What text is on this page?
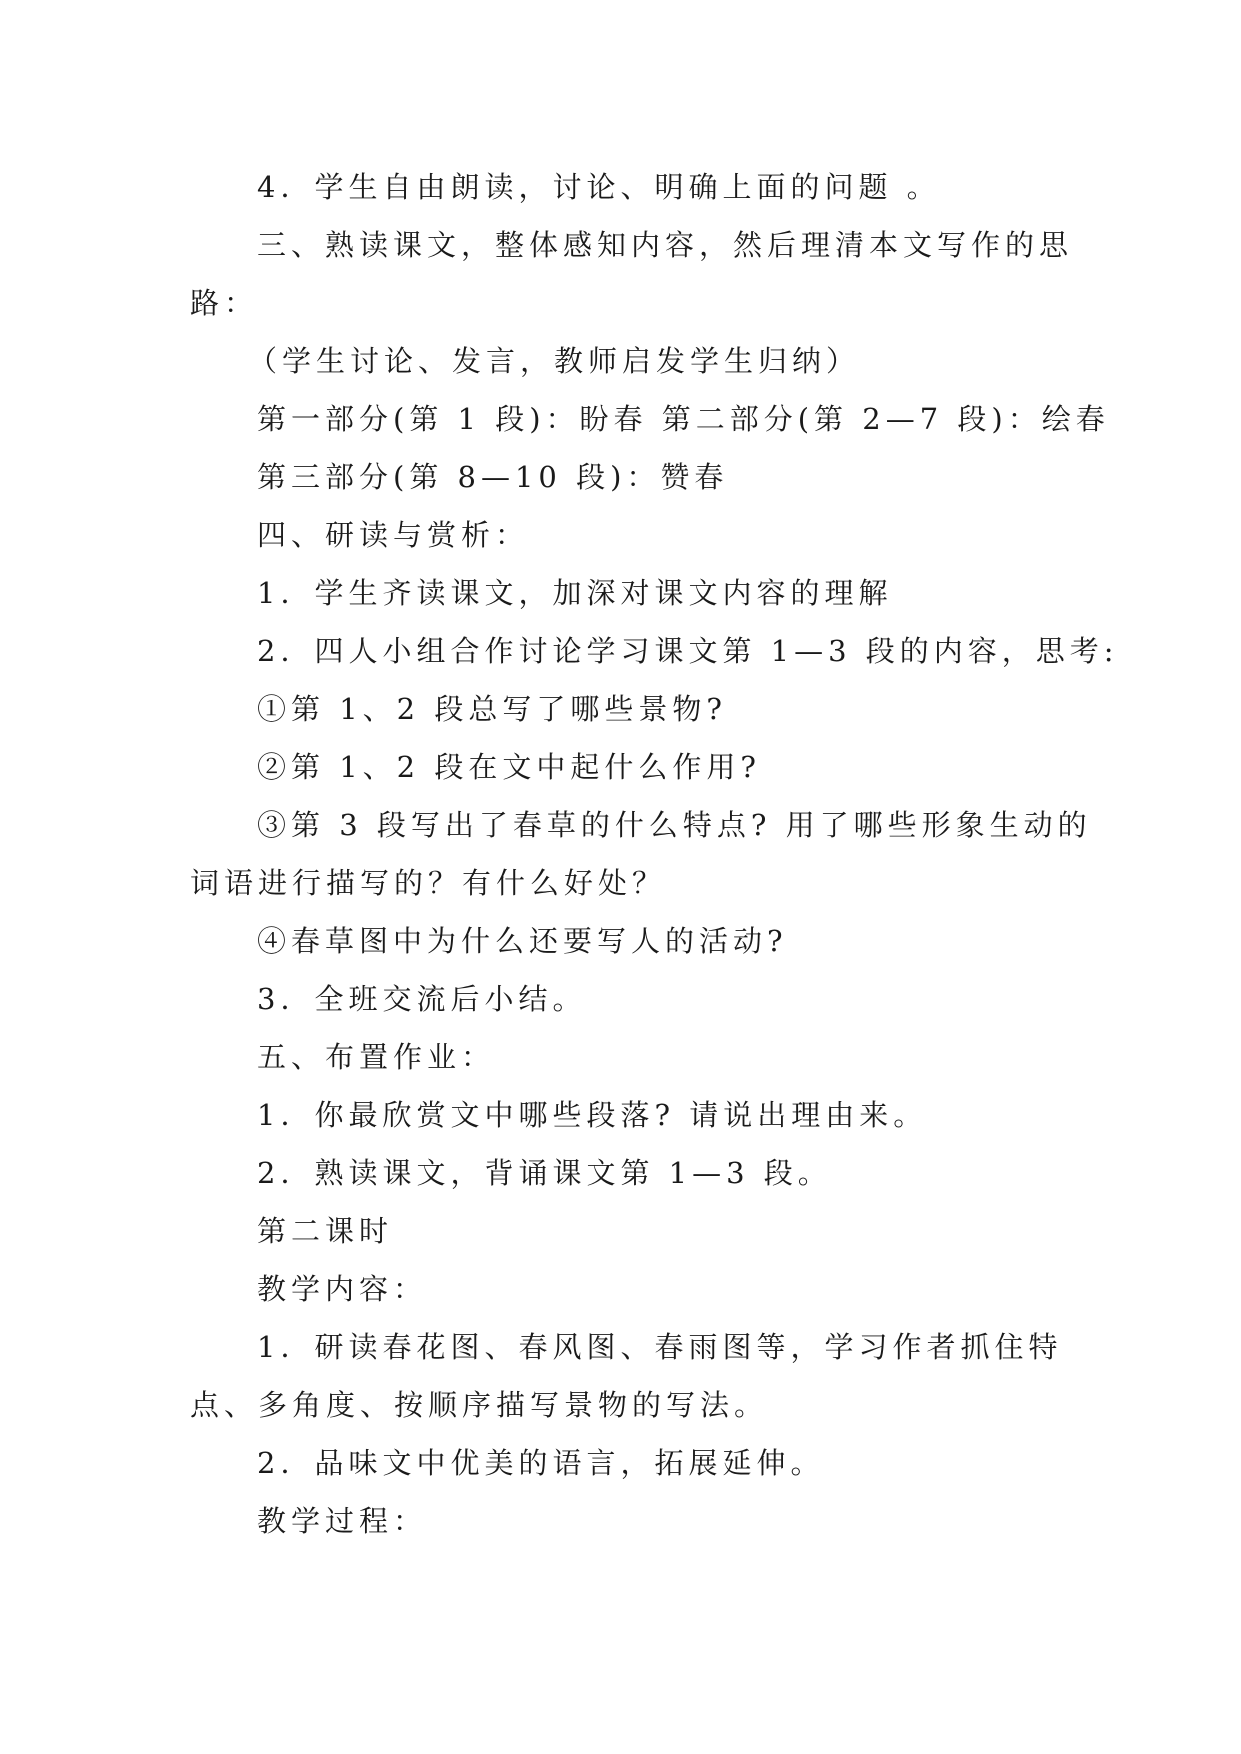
4．学生自由朗读，讨论、明确上面的问题 。
三、熟读课文，整体感知内容，然后理清本文写作的思
路：
（学生讨论、发言，教师启发学生归纳）
第一部分(第 1 段)：盼春 第二部分(第 2—7 段)：绘春
第三部分(第 8—10 段)：赞春
四、研读与赏析：
1．学生齐读课文，加深对课文内容的理解
2．四人小组合作讨论学习课文第 1—3 段的内容，思考:
①第 1、2 段总写了哪些景物?
②第 1、2 段在文中起什么作用?
③第 3 段写出了春草的什么特点? 用了哪些形象生动的
词语进行描写的？有什么好处？
④春草图中为什么还要写人的活动?
3．全班交流后小结。
五、布置作业：
1．你最欣赏文中哪些段落? 请说出理由来。
2．熟读课文，背诵课文第 1—3 段。
第二课时
教学内容：
1．研读春花图、春风图、春雨图等，学习作者抓住特
点、多角度、按顺序描写景物的写法。
2．品味文中优美的语言，拓展延伸。
教学过程：
